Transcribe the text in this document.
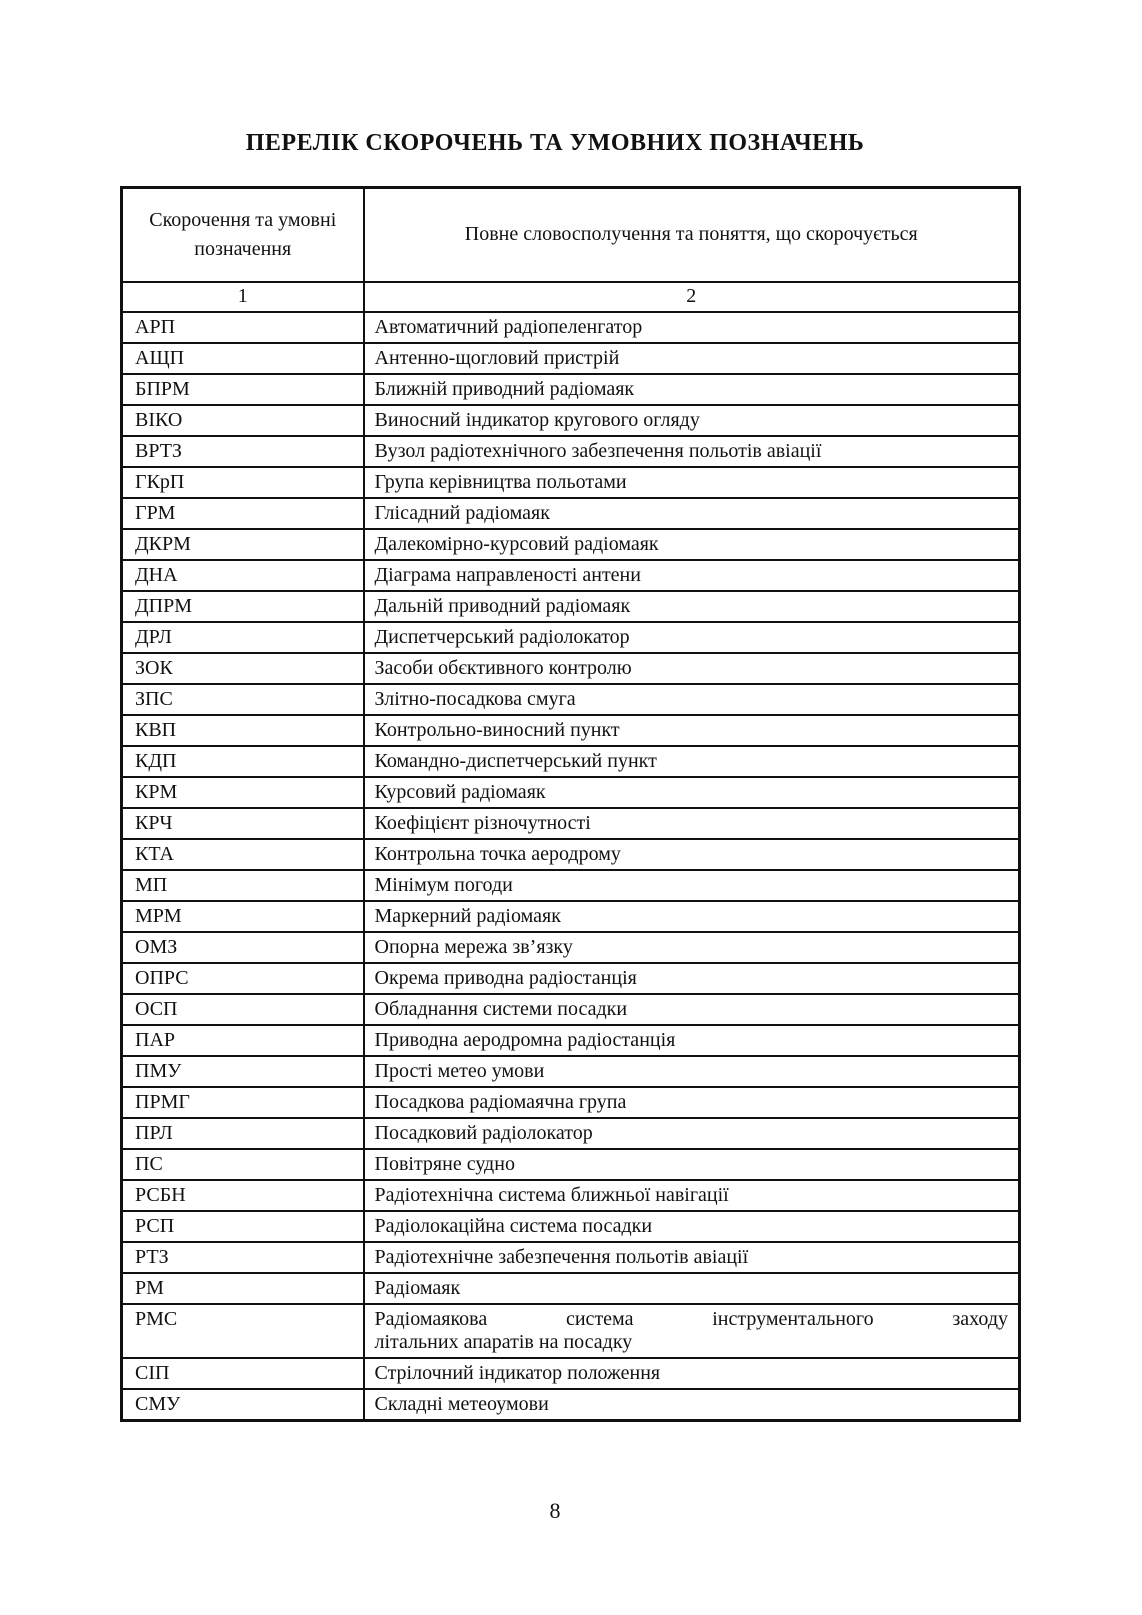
ПЕРЕЛІК СКОРОЧЕНЬ ТА УМОВНИХ ПОЗНАЧЕНЬ
Скорочення та умовні позначення	Повне словосполучення та поняття, що скорочується
1	2
АРП	Автоматичний радіопеленгатор
АЩП	Антенно-щогловий пристрій
БПРМ	Ближній приводний радіомаяк
ВІКО	Виносний індикатор кругового огляду
ВРТЗ	Вузол радіотехнічного забезпечення польотів авіації
ГКрП	Група керівництва польотами
ГРМ	Глісадний радіомаяк
ДКРМ	Далекомірно-курсовий радіомаяк
ДНА	Діаграма направленості антени
ДПРМ	Дальній приводний радіомаяк
ДРЛ	Диспетчерський радіолокатор
ЗОК	Засоби обєктивного контролю
ЗПС	Злітно-посадкова смуга
КВП	Контрольно-виносний пункт
КДП	Командно-диспетчерський пункт
КРМ	Курсовий радіомаяк
КРЧ	Коефіцієнт різночутності
КТА	Контрольна точка аеродрому
МП	Мінімум погоди
МРМ	Маркерний радіомаяк
ОМЗ	Опорна мережа зв’язку
ОПРС	Окрема приводна радіостанція
ОСП	Обладнання системи посадки
ПАР	Приводна аеродромна радіостанція
ПМУ	Прості метео умови
ПРМГ	Посадкова радіомаячна група
ПРЛ	Посадковий радіолокатор
ПС	Повітряне судно
РСБН	Радіотехнічна система ближньої навігації
РСП	Радіолокаційна система посадки
РТЗ	Радіотехнічне забезпечення польотів авіації
РМ	Радіомаяк
РМС	Радіомаякова система інструментального заходу
літальних апаратів на посадку

СІП	Стрілочний індикатор положення
СМУ	Складні метеоумови
8
